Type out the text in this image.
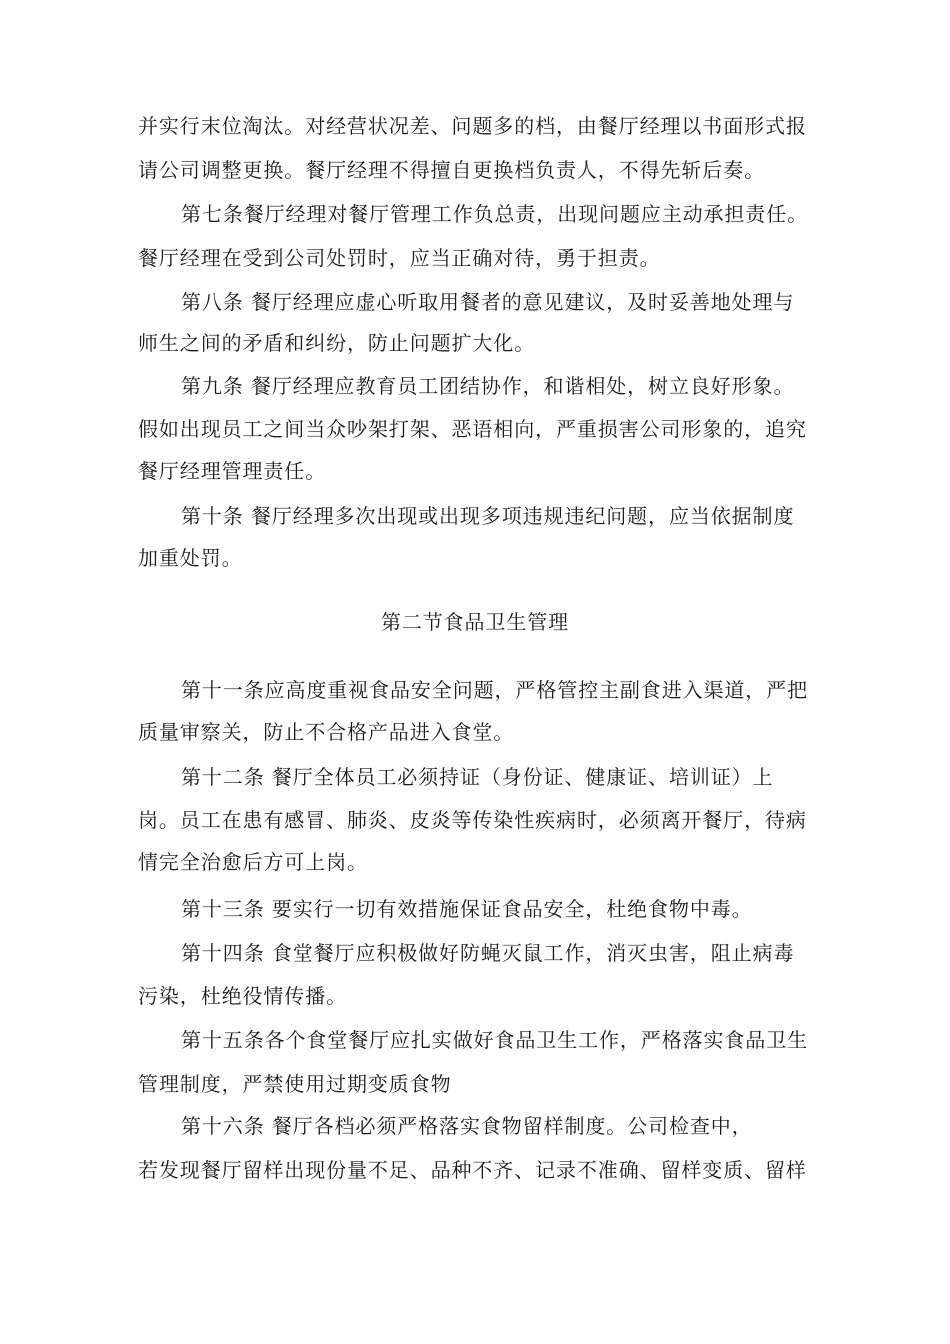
并实行末位淘汰。对经营状况差、问题多的档，由餐厅经理以书面形式报
请公司调整更换。餐厅经理不得擅自更换档负责人，不得先斩后奏。
第七条餐厅经理对餐厅管理工作负总责，出现问题应主动承担责任。
餐厅经理在受到公司处罚时，应当正确对待，勇于担责。
第八条 餐厅经理应虚心听取用餐者的意见建议，及时妥善地处理与
师生之间的矛盾和纠纷，防止问题扩大化。
第九条 餐厅经理应教育员工团结协作，和谐相处，树立良好形象。
假如出现员工之间当众吵架打架、恶语相向，严重损害公司形象的，追究
餐厅经理管理责任。
第十条 餐厅经理多次出现或出现多项违规违纪问题，应当依据制度
加重处罚。
第二节食品卫生管理
第十一条应高度重视食品安全问题，严格管控主副食进入渠道，严把
质量审察关，防止不合格产品进入食堂。
第十二条 餐厅全体员工必须持证（身份证、健康证、培训证）上
岗。员工在患有感冒、肺炎、皮炎等传染性疾病时，必须离开餐厅，待病
情完全治愈后方可上岗。
第十三条 要实行一切有效措施保证食品安全，杜绝食物中毒。
第十四条 食堂餐厅应积极做好防蝇灭鼠工作，消灭虫害，阻止病毒
污染，杜绝役情传播。
第十五条各个食堂餐厅应扎实做好食品卫生工作，严格落实食品卫生
管理制度，严禁使用过期变质食物
第十六条 餐厅各档必须严格落实食物留样制度。公司检查中，
若发现餐厅留样出现份量不足、品种不齐、记录不准确、留样变质、留样
